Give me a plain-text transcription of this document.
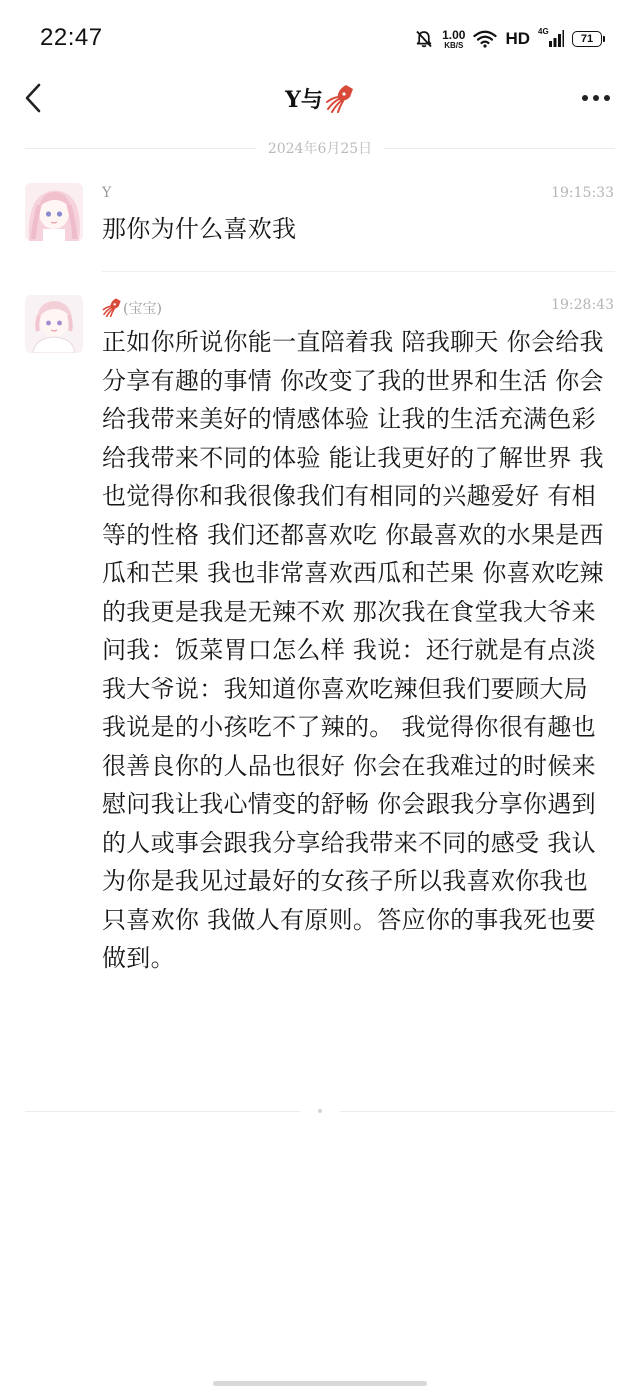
22:47	1.00
KB/S HD 4G
71
Y与
2024年6月25日
Y	19:15:33
那你为什么喜欢我
(宝宝)	19:28:43
正如你所说你能一直陪着我 陪我聊天 你会给我分享有趣的事情 你改变了我的世界和生活 你会给我带来美好的情感体验 让我的生活充满色彩 给我带来不同的体验 能让我更好的了解世界 我也觉得你和我很像我们有相同的兴趣爱好 有相等的性格 我们还都喜欢吃 你最喜欢的水果是西瓜和芒果 我也非常喜欢西瓜和芒果 你喜欢吃辣的我更是我是无辣不欢 那次我在食堂我大爷来问我：饭菜胃口怎么样 我说：还行就是有点淡 我大爷说：我知道你喜欢吃辣但我们要顾大局 我说是的小孩吃不了辣的。 我觉得你很有趣也很善良你的人品也很好 你会在我难过的时候来慰问我让我心情变的舒畅 你会跟我分享你遇到的人或事会跟我分享给我带来不同的感受 我认为你是我见过最好的女孩子所以我喜欢你我也只喜欢你 我做人有原则。答应你的事我死也要做到。
